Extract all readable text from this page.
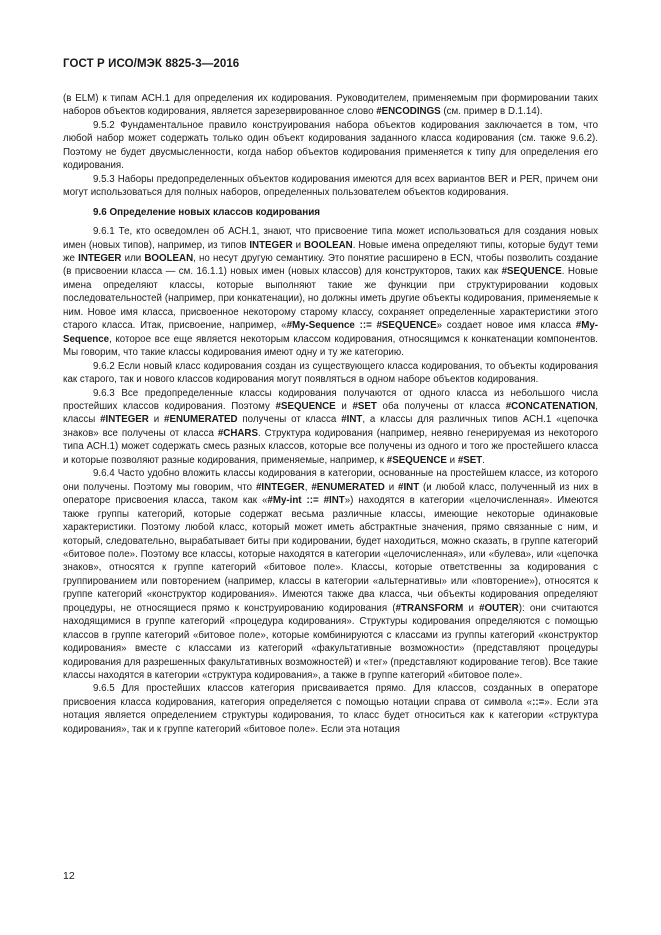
ГОСТ Р ИСО/МЭК 8825-3—2016

(в ELM) к типам АСН.1 для определения их кодирования. Руководителем, применяемым при формировании таких наборов объектов кодирования, является зарезервированное слово #ENCODINGS (см. пример в D.1.14).

9.5.2 Фундаментальное правило конструирования набора объектов кодирования заключается в том, что любой набор может содержать только один объект кодирования заданного класса кодирования (см. также 9.6.2). Поэтому не будет двусмысленности, когда набор объектов кодирования применяется к типу для определения его кодирования.

9.5.3 Наборы предопределенных объектов кодирования имеются для всех вариантов BER и PER, причем они могут использоваться для полных наборов, определенных пользователем объектов кодирования.

9.6 Определение новых классов кодирования

9.6.1 Те, кто осведомлен об АСН.1, знают, что присвоение типа может использоваться для создания новых имен (новых типов), например, из типов INTEGER и BOOLEAN. Новые имена определяют типы, которые будут теми же INTEGER или BOOLEAN, но несут другую семантику. Это понятие расширено в ECN, чтобы позволить создание (в присвоении класса — см. 16.1.1) новых имен (новых классов) для конструкторов, таких как #SEQUENCE. Новые имена определяют классы, которые выполняют такие же функции при структурировании кодовых последовательностей (например, при конкатенации), но должны иметь другие объекты кодирования, применяемые к ним. Новое имя класса, присвоенное некоторому старому классу, сохраняет определенные характеристики этого старого класса. Итак, присвоение, например, «#My-Sequence ::= #SEQUENCE» создает новое имя класса #My-Sequence, которое все еще является некоторым классом кодирования, относящимся к конкатенации компонентов. Мы говорим, что такие классы кодирования имеют одну и ту же категорию.

9.6.2 Если новый класс кодирования создан из существующего класса кодирования, то объекты кодирования как старого, так и нового классов кодирования могут появляться в одном наборе объектов кодирования.

9.6.3 Все предопределенные классы кодирования получаются от одного класса из небольшого числа простейших классов кодирования. Поэтому #SEQUENCE и #SET оба получены от класса #CONCATENATION, классы #INTEGER и #ENUMERATED получены от класса #INT, а классы для различных типов АСН.1 «цепочка знаков» все получены от класса #CHARS. Структура кодирования (например, неявно генерируемая из некоторого типа АСН.1) может содержать смесь разных классов, которые все получены из одного и того же простейшего класса и которые позволяют разные кодирования, применяемые, например, к #SEQUENCE и #SET.

9.6.4 Часто удобно вложить классы кодирования в категории, основанные на простейшем классе, из которого они получены. Поэтому мы говорим, что #INTEGER, #ENUMERATED и #INT (и любой класс, полученный из них в операторе присвоения класса, таком как «#My-int ::= #INT») находятся в категории «целочисленная». Имеются также группы категорий, которые содержат весьма различные классы, имеющие некоторые одинаковые характеристики. Поэтому любой класс, который может иметь абстрактные значения, прямо связанные с ним, и который, следовательно, вырабатывает биты при кодировании, будет находиться, можно сказать, в группе категорий «битовое поле». Поэтому все классы, которые находятся в категории «целочисленная», или «булева», или «цепочка знаков», относятся к группе категорий «битовое поле». Классы, которые ответственны за кодирования с группированием или повторением (например, классы в категории «альтернативы» или «повторение»), относятся к группе категорий «конструктор кодирования». Имеются также два класса, чьи объекты кодирования определяют процедуры, не относящиеся прямо к конструированию кодирования (#TRANSFORM и #OUTER): они считаются находящимися в группе категорий «процедура кодирования». Структуры кодирования определяются с помощью классов в группе категорий «битовое поле», которые комбинируются с классами из группы категорий «конструктор кодирования» вместе с классами из категорий «факультативные возможности» (представляют процедуры кодирования для разрешенных факультативных возможностей) и «тег» (представляют кодирование тегов). Все такие классы находятся в категории «структура кодирования», а также в группе категорий «битовое поле».

9.6.5 Для простейших классов категория присваивается прямо. Для классов, созданных в операторе присвоения класса кодирования, категория определяется с помощью нотации справа от символа «::=». Если эта нотация является определением структуры кодирования, то класс будет относиться как к категории «структура кодирования», так и к группе категорий «битовое поле». Если эта нотация

12
